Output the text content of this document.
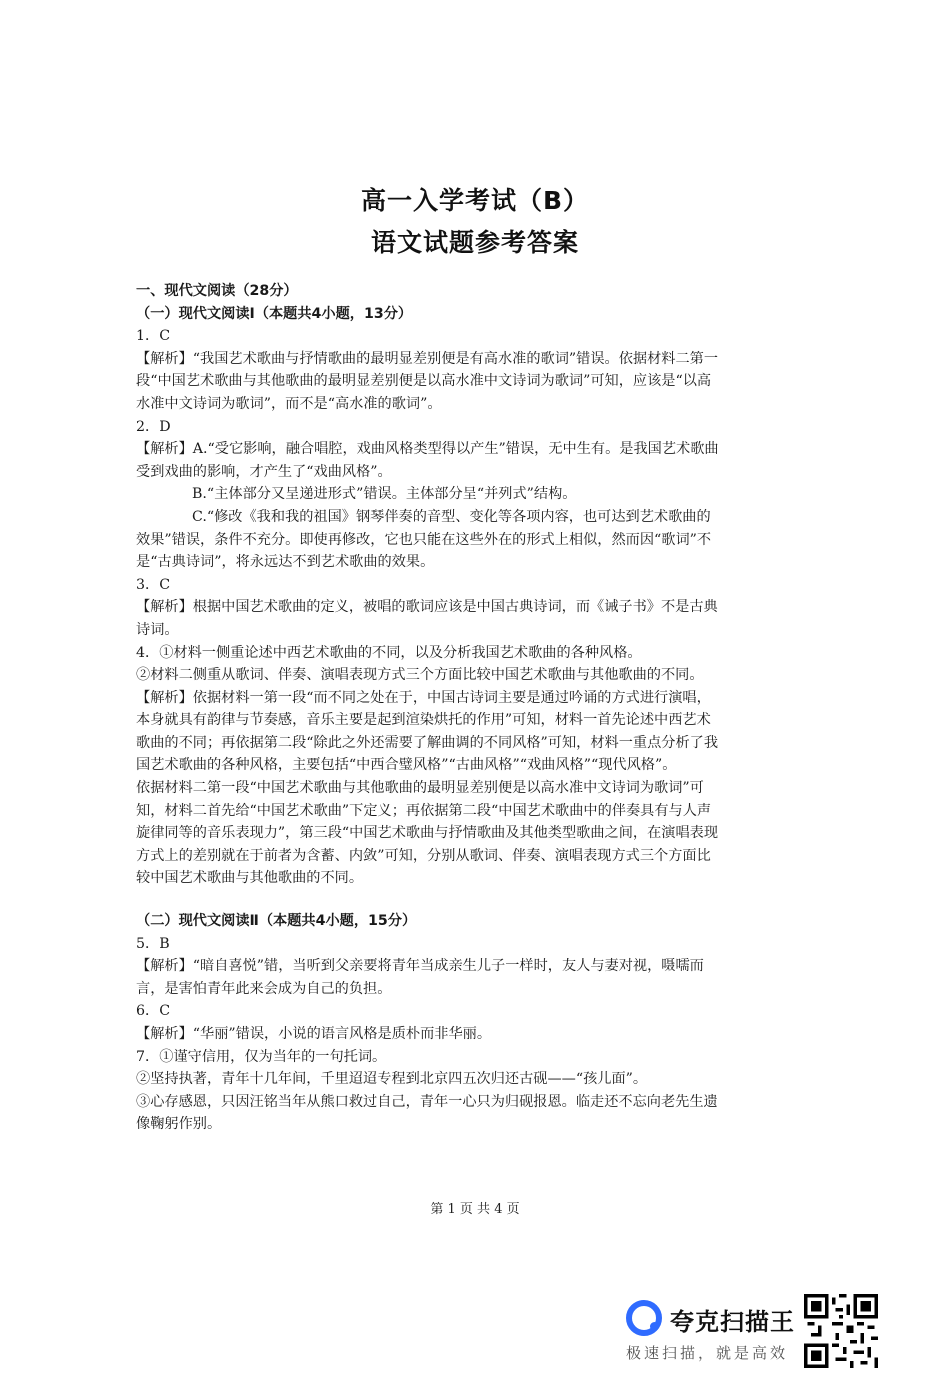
高一入学考试（B）
语文试题参考答案

一、现代文阅读（28分）

（一）现代文阅读Ⅰ（本题共4小题，13分）

1．C

【解析】“我国艺术歌曲与抒情歌曲的最明显差别便是有高水准的歌词”错误。依据材料二第一段“中国艺术歌曲与其他歌曲的最明显差别便是以高水准中文诗词为歌词”可知，应该是“以高水准中文诗词为歌词”，而不是“高水准的歌词”。

2．D

【解析】A.“受它影响，融合唱腔，戏曲风格类型得以产生”错误，无中生有。是我国艺术歌曲受到戏曲的影响，才产生了“戏曲风格”。

B.“主体部分又呈递进形式”错误。主体部分呈“并列式”结构。

C.“修改《我和我的祖国》钢琴伴奏的音型、变化等各项内容，也可达到艺术歌曲的效果”错误，条件不充分。即使再修改，它也只能在这些外在的形式上相似，然而因“歌词”不是“古典诗词”，将永远达不到艺术歌曲的效果。

3．C

【解析】根据中国艺术歌曲的定义，被唱的歌词应该是中国古典诗词，而《诫子书》不是古典诗词。

4．①材料一侧重论述中西艺术歌曲的不同，以及分析我国艺术歌曲的各种风格。

②材料二侧重从歌词、伴奏、演唱表现方式三个方面比较中国艺术歌曲与其他歌曲的不同。

【解析】依据材料一第一段“而不同之处在于，中国古诗词主要是通过吟诵的方式进行演唱，本身就具有韵律与节奏感，音乐主要是起到渲染烘托的作用”可知，材料一首先论述中西艺术歌曲的不同；再依据第二段“除此之外还需要了解曲调的不同风格”可知，材料一重点分析了我国艺术歌曲的各种风格，主要包括“中西合璧风格”“古曲风格”“戏曲风格”“现代风格”。

依据材料二第一段“中国艺术歌曲与其他歌曲的最明显差别便是以高水准中文诗词为歌词”可知，材料二首先给“中国艺术歌曲”下定义；再依据第二段“中国艺术歌曲中的伴奏具有与人声旋律同等的音乐表现力”，第三段“中国艺术歌曲与抒情歌曲及其他类型歌曲之间，在演唱表现方式上的差别就在于前者为含蓄、内敛”可知，分别从歌词、伴奏、演唱表现方式三个方面比较中国艺术歌曲与其他歌曲的不同。

（二）现代文阅读Ⅱ（本题共4小题，15分）

5．B

【解析】“暗自喜悦”错，当听到父亲要将青年当成亲生儿子一样时，友人与妻对视，嗫嚅而言，是害怕青年此来会成为自己的负担。

6．C

【解析】“华丽”错误，小说的语言风格是质朴而非华丽。

7．①谨守信用，仅为当年的一句托词。

②坚持执著，青年十几年间，千里迢迢专程到北京四五次归还古砚——“孩儿面”。

③心存感恩，只因汪铭当年从熊口救过自己，青年一心只为归砚报恩。临走还不忘向老先生遗像鞠躬作别。

第 1 页 共 4 页
夸克扫描王
极速扫描，就是高效
